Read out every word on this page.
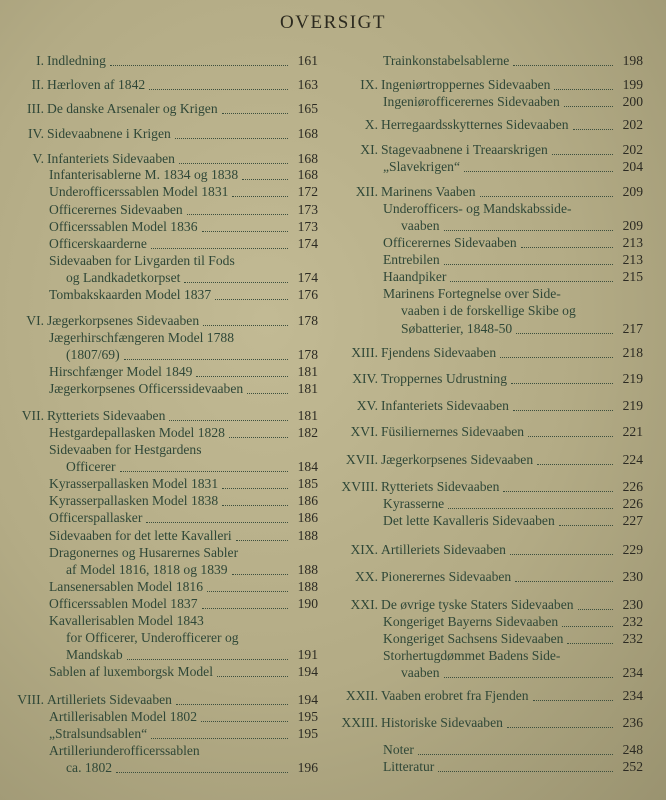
OVERSIGT
I. Indledning	161
II. Hærloven af 1842	163
III. De danske Arsenaler og Krigen	165
IV. Sidevaabnene i Krigen	168
V. Infanteriets Sidevaaben	168
Infanterisablerne M. 1834 og 1838	168
Underofficerssablen Model 1831	172
Officerernes Sidevaaben	173
Officerssablen Model 1836	173
Officerskaarderne	174
Sidevaaben for Livgarden til Fods
og Landkadetkorpset	174
Tombakskaarden Model 1837	176
VI. Jægerkorpsenes Sidevaaben	178
Jægerhirschfængeren Model 1788
(1807/69)	178
Hirschfænger Model 1849	181
Jægerkorpsenes Officerssidevaaben	181
VII. Rytteriets Sidevaaben	181
Hestgardepallasken Model 1828	182
Sidevaaben for Hestgardens
Officerer	184
Kyrasserpallasken Model 1831	185
Kyrasserpallasken Model 1838	186
Officerspallasker	186
Sidevaaben for det lette Kavalleri	188
Dragonernes og Husarernes Sabler
af Model 1816, 1818 og 1839	188
Lansenersablen Model 1816	188
Officerssablen Model 1837	190
Kavallerisablen Model 1843
for Officerer, Underofficerer og
Mandskab	191
Sablen af luxemborgsk Model	194
VIII. Artilleriets Sidevaaben	194
Artillerisablen Model 1802	195
„Stralsundsablen“	195
Artilleriunderofficerssablen
ca. 1802	196
Trainkonstabelsablerne	198
IX. Ingeniørtroppernes Sidevaaben	199
Ingeniørofficerernes Sidevaaben	200
X. Herregaardsskytternes Sidevaaben	202
XI. Stagevaabnene i Treaarskrigen	202
„Slavekrigen“	204
XII. Marinens Vaaben	209
Underofficers- og Mandskabsside-
vaaben	209
Officerernes Sidevaaben	213
Entrebilen	213
Haandpiker	215
Marinens Fortegnelse over Side-
vaaben i de forskellige Skibe og
Søbatterier, 1848-50	217
XIII. Fjendens Sidevaaben	218
XIV. Troppernes Udrustning	219
XV. Infanteriets Sidevaaben	219
XVI. Füsiliernernes Sidevaaben	221
XVII. Jægerkorpsenes Sidevaaben	224
XVIII. Rytteriets Sidevaaben	226
Kyrasserne	226
Det lette Kavalleris Sidevaaben	227
XIX. Artilleriets Sidevaaben	229
XX. Pionerernes Sidevaaben	230
XXI. De øvrige tyske Staters Sidevaaben	230
Kongeriget Bayerns Sidevaaben	232
Kongeriget Sachsens Sidevaaben	232
Storhertugdømmet Badens Side-
vaaben	234
XXII. Vaaben erobret fra Fjenden	234
XXIII. Historiske Sidevaaben	236
Noter	248
Litteratur	252
